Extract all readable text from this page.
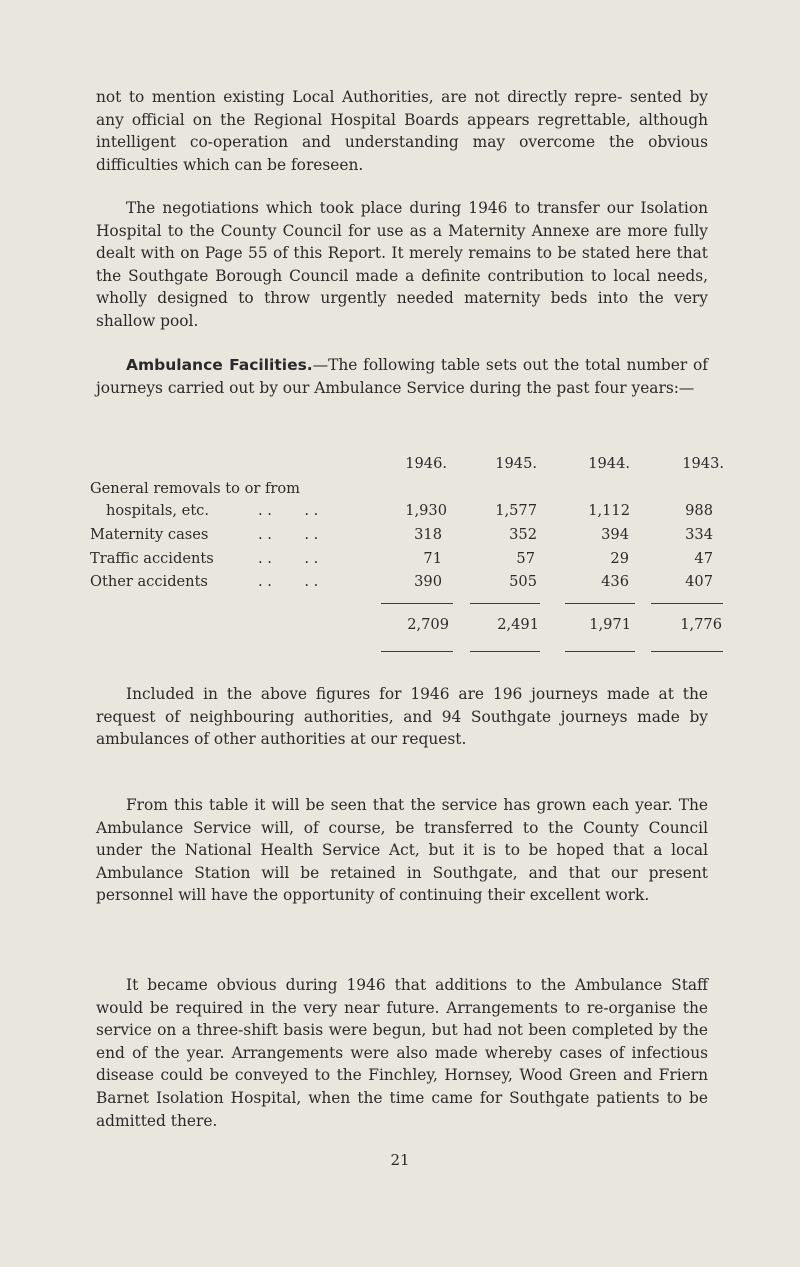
not to mention existing Local Authorities, are not directly repre- sented by any official on the Regional Hospital Boards appears regrettable, although intelligent co-operation and understanding may overcome the obvious difficulties which can be foreseen.

The negotiations which took place during 1946 to transfer our Isolation Hospital to the County Council for use as a Maternity Annexe are more fully dealt with on Page 55 of this Report. It merely remains to be stated here that the Southgate Borough Council made a definite contribution to local needs, wholly designed to throw urgently needed maternity beds into the very shallow pool.

Ambulance Facilities.—The following table sets out the total number of journeys carried out by our Ambulance Service during the past four years:—

1946.	1945.	1944.	1943.
General removals to or from
hospitals, etc.	. .       . .	1,930	1,577	1,112	988
Maternity cases	. .       . .	318	352	394	334
Traffic accidents	. .       . .	71	57	29	47
Other accidents	. .       . .	390	505	436	407
2,709	2,491	1,971	1,776

Included in the above figures for 1946 are 196 journeys made at the request of neighbouring authorities, and 94 Southgate journeys made by ambulances of other authorities at our request.

From this table it will be seen that the service has grown each year. The Ambulance Service will, of course, be transferred to the County Council under the National Health Service Act, but it is to be hoped that a local Ambulance Station will be retained in Southgate, and that our present personnel will have the opportunity of continuing their excellent work.

It became obvious during 1946 that additions to the Ambulance Staff would be required in the very near future. Arrangements to re-organise the service on a three-shift basis were begun, but had not been completed by the end of the year. Arrangements were also made whereby cases of infectious disease could be conveyed to the Finchley, Hornsey, Wood Green and Friern Barnet Isolation Hospital, when the time came for Southgate patients to be admitted there.

21
